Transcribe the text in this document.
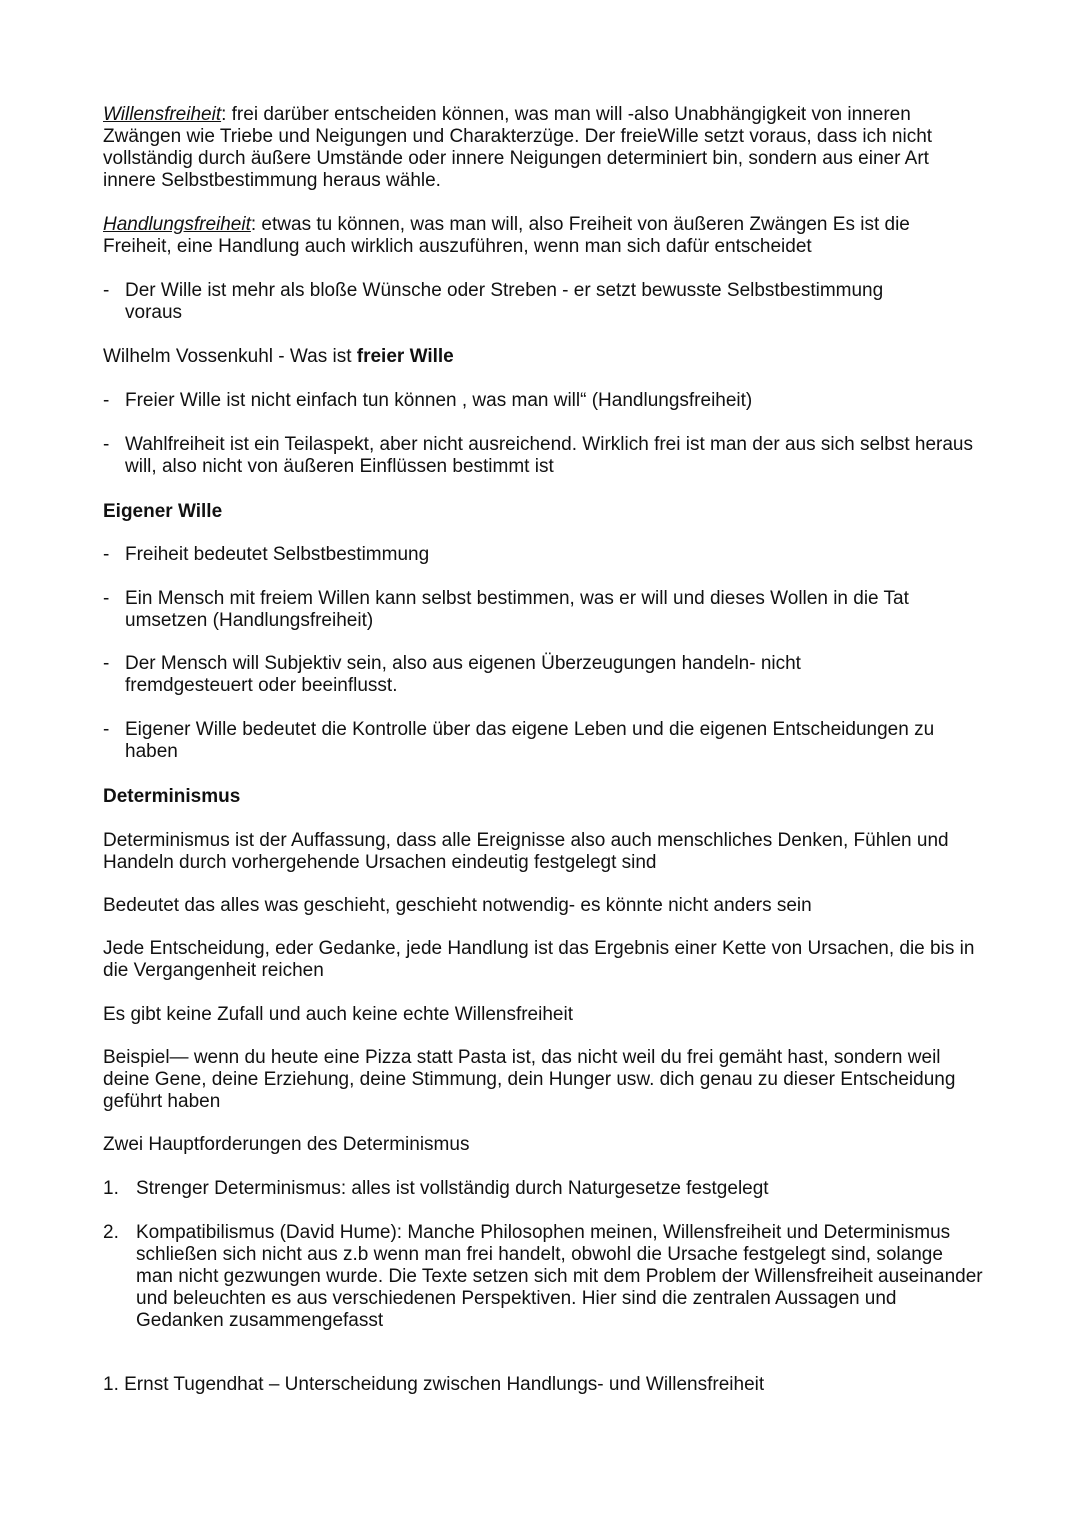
Willensfreiheit: frei darüber entscheiden können, was man will -also Unabhängigkeit von inneren Zwängen wie Triebe und Neigungen und Charakterzüge. Der freieWille setzt voraus, dass ich nicht vollständig durch äußere Umstände oder innere Neigungen determiniert bin, sondern aus einer Art innere Selbstbestimmung heraus wähle.

Handlungsfreiheit: etwas tu können, was man will, also Freiheit von äußeren Zwängen Es ist die Freiheit, eine Handlung auch wirklich auszuführen, wenn man sich dafür entscheidet

- Der Wille ist mehr als bloße Wünsche oder Streben - er setzt bewusste Selbstbestimmung voraus

Wilhelm Vossenkuhl - Was ist freier Wille

- Freier Wille ist nicht einfach tun können , was man will“ (Handlungsfreiheit)

- Wahlfreiheit ist ein Teilaspekt, aber nicht ausreichend. Wirklich frei ist man der aus sich selbst heraus will, also nicht von äußeren Einflüssen bestimmt ist

Eigener Wille

- Freiheit bedeutet Selbstbestimmung

- Ein Mensch mit freiem Willen kann selbst bestimmen, was er will und dieses Wollen in die Tat umsetzen (Handlungsfreiheit)

- Der Mensch will Subjektiv sein, also aus eigenen Überzeugungen handeln- nicht fremdgesteuert oder beeinflusst.

- Eigener Wille bedeutet die Kontrolle über das eigene Leben und die eigenen Entscheidungen zu haben

Determinismus

Determinismus ist der Auffassung, dass alle Ereignisse also auch menschliches Denken, Fühlen und Handeln durch vorhergehende Ursachen eindeutig festgelegt sind

Bedeutet das alles was geschieht, geschieht notwendig- es könnte nicht anders sein

Jede Entscheidung, eder Gedanke, jede Handlung ist das Ergebnis einer Kette von Ursachen, die bis in die Vergangenheit reichen

Es gibt keine Zufall und auch keine echte Willensfreiheit

Beispiel— wenn du heute eine Pizza statt Pasta ist, das nicht weil du frei gemäht hast, sondern weil deine Gene, deine Erziehung, deine Stimmung, dein Hunger usw. dich genau zu dieser Entscheidung geführt haben

Zwei Hauptforderungen des Determinismus

1. Strenger Determinismus: alles ist vollständig durch Naturgesetze festgelegt

2. Kompatibilismus (David Hume): Manche Philosophen meinen, Willensfreiheit und Determinismus schließen sich nicht aus z.b wenn man frei handelt, obwohl die Ursache festgelegt sind, solange man nicht gezwungen wurde. Die Texte setzen sich mit dem Problem der Willensfreiheit auseinander und beleuchten es aus verschiedenen Perspektiven. Hier sind die zentralen Aussagen und Gedanken zusammengefasst

1. Ernst Tugendhat – Unterscheidung zwischen Handlungs- und Willensfreiheit
